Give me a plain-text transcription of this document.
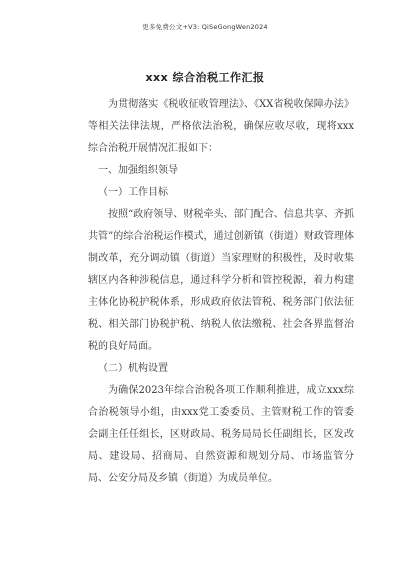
更多免费公文+V3: QiSeGongWen2024
xxx 综合治税工作汇报

为贯彻落实《税收征收管理法》、《XX省税收保障办法》等相关法律法规，严格依法治税，确保应收尽收，现将xxx综合治税开展情况汇报如下：

一、加强组织领导

（一）工作目标

按照“政府领导、财税牵头、部门配合、信息共享、齐抓共管”的综合治税运作模式，通过创新镇（街道）财政管理体制改革，充分调动镇（街道）当家理财的积极性，及时收集辖区内各种涉税信息，通过科学分析和管控税源，着力构建主体化协税护税体系，形成政府依法管税、税务部门依法征税、相关部门协税护税、纳税人依法缴税、社会各界监督治税的良好局面。

（二）机构设置

为确保2023年综合治税各项工作顺利推进，成立xxx综合治税领导小组，由xxx党工委委员、主管财税工作的管委会副主任任组长，区财政局、税务局局长任副组长，区发改局、建设局、招商局、自然资源和规划分局、市场监管分局、公安分局及乡镇（街道）为成员单位。
